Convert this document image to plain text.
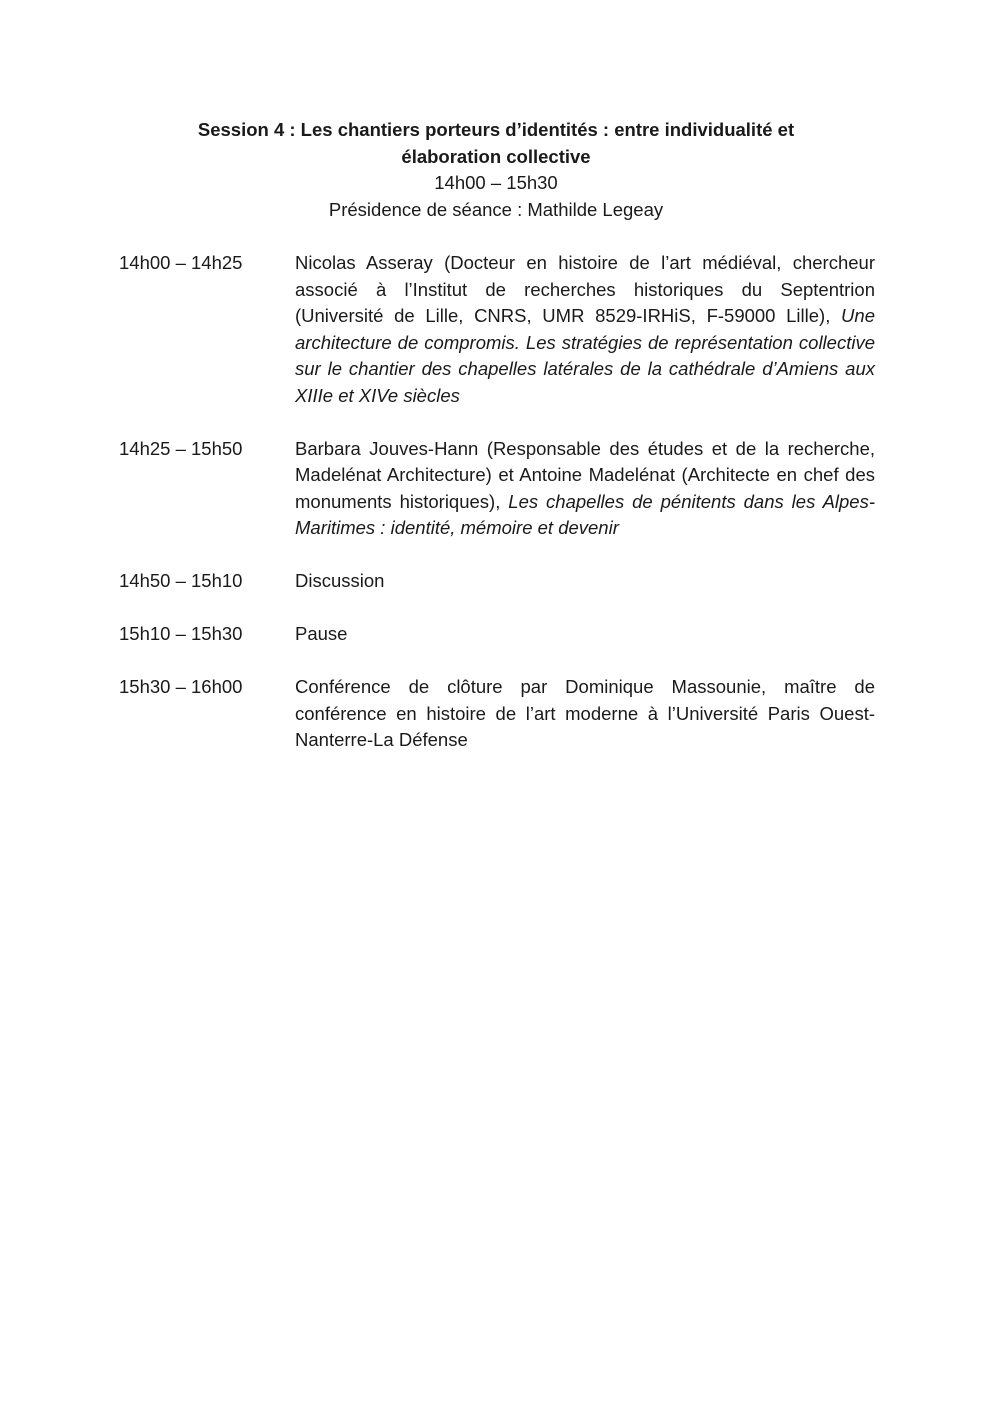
Session 4 : Les chantiers porteurs d’identités : entre individualité et élaboration collective
14h00 – 15h30
Présidence de séance : Mathilde Legeay
14h00 – 14h25	Nicolas Asseray (Docteur en histoire de l’art médiéval, chercheur associé à l’Institut de recherches historiques du Septentrion (Université de Lille, CNRS, UMR 8529-IRHiS, F-59000 Lille), Une architecture de compromis. Les stratégies de représentation collective sur le chantier des chapelles latérales de la cathédrale d’Amiens aux XIIIe et XIVe siècles
14h25 – 15h50	Barbara Jouves-Hann (Responsable des études et de la recherche, Madelénat Architecture) et Antoine Madelénat (Architecte en chef des monuments historiques), Les chapelles de pénitents dans les Alpes-Maritimes : identité, mémoire et devenir
14h50 – 15h10	Discussion
15h10 – 15h30	Pause
15h30 – 16h00	Conférence de clôture par Dominique Massounie, maître de conférence en histoire de l’art moderne à l’Université Paris Ouest-Nanterre-La Défense
